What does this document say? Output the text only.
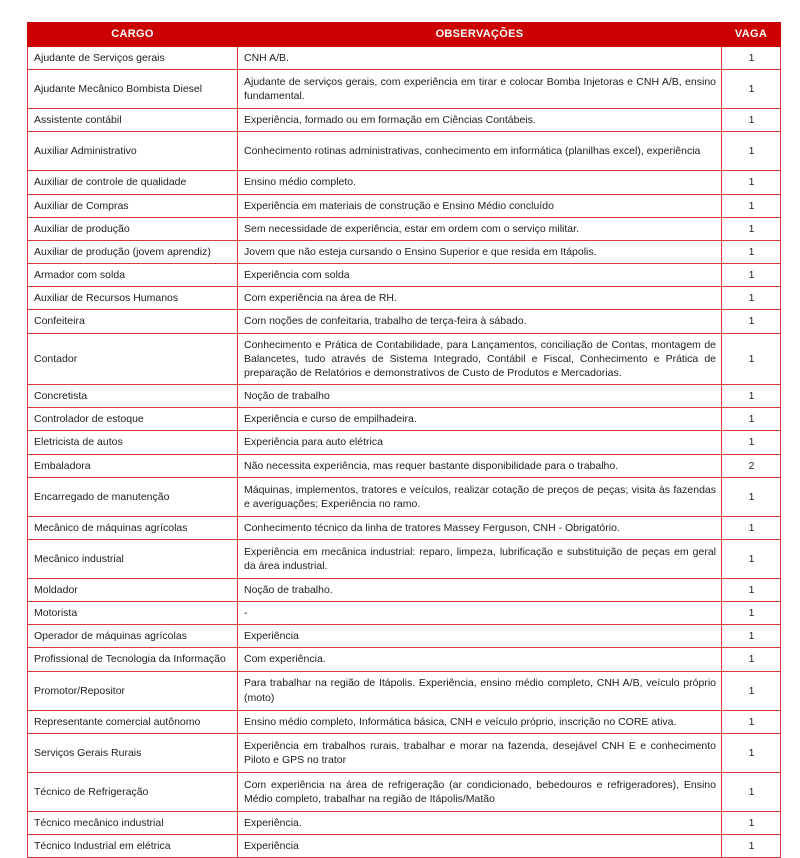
CARGO	OBSERVAÇÕES	VAGA
Ajudante de Serviços gerais	CNH A/B.	1
Ajudante Mecânico Bombista Diesel	Ajudante de serviços gerais, com experiência em tirar e colocar Bomba Injetoras e CNH A/B, ensino fundamental.	1
Assistente contábil	Experiência, formado ou em formação em Ciências Contábeis.	1
Auxiliar Administrativo	Conhecimento rotinas administrativas, conhecimento em informática (planilhas excel), experiência	1
Auxiliar de controle de qualidade	Ensino médio completo.	1
Auxiliar de Compras	Experiência em materiais de construção e Ensino Médio concluído	1
Auxiliar de produção	Sem necessidade de experiência, estar em ordem com o serviço militar.	1
Auxiliar de produção (jovem aprendiz)	Jovem que não esteja cursando o Ensino Superior e que resida em Itápolis.	1
Armador com solda	Experiência com solda	1
Auxiliar de Recursos Humanos	Com experiência na área de RH.	1
Confeiteira	Com noções de confeitaria, trabalho de terça-feira à sábado.	1
Contador	Conhecimento e Prática de Contabilidade, para Lançamentos, conciliação de Contas, montagem de Balancetes, tudo através de Sistema Integrado, Contábil e Fiscal, Conhecimento e Prática de preparação de Relatórios e demonstrativos de Custo de Produtos e Mercadorias.	1
Concretista	Noção de trabalho	1
Controlador de estoque	Experiência e curso de empilhadeira.	1
Eletricista de autos	Experiência para auto elétrica	1
Embaladora	Não necessita experiência, mas requer bastante disponibilidade para o trabalho.	2
Encarregado de manutenção	Máquinas, implementos, tratores e veículos, realizar cotação de preços de peças; visita às fazendas e averiguações; Experiência no ramo.	1
Mecânico de máquinas agrícolas	Conhecimento técnico da linha de tratores Massey Ferguson, CNH - Obrigatório.	1
Mecânico industrial	Experiência em mecânica industrial: reparo, limpeza, lubrificação e substituição de peças em geral da área industrial.	1
Moldador	Noção de trabalho.	1
Motorista	-	1
Operador de máquinas agrícolas	Experiência	1
Profissional de Tecnologia da Informação	Com experiência.	1
Promotor/Repositor	Para trabalhar na região de Itápolis. Experiência, ensino médio completo, CNH A/B, veículo próprio (moto)	1
Representante comercial autônomo	Ensino médio completo, Informática básica, CNH e veículo próprio, inscrição no CORE ativa.	1
Serviços Gerais Rurais	Experiência em trabalhos rurais, trabalhar e morar na fazenda, desejável CNH E e conhecimento Piloto e GPS no trator	1
Técnico de Refrigeração	Com experiência na área de refrigeração (ar condicionado, bebedouros e refrigeradores), Ensino Médio completo, trabalhar na região de Itápolis/Matão	1
Técnico mecânico industrial	Experiência.	1
Técnico Industrial em elétrica	Experiência	1
